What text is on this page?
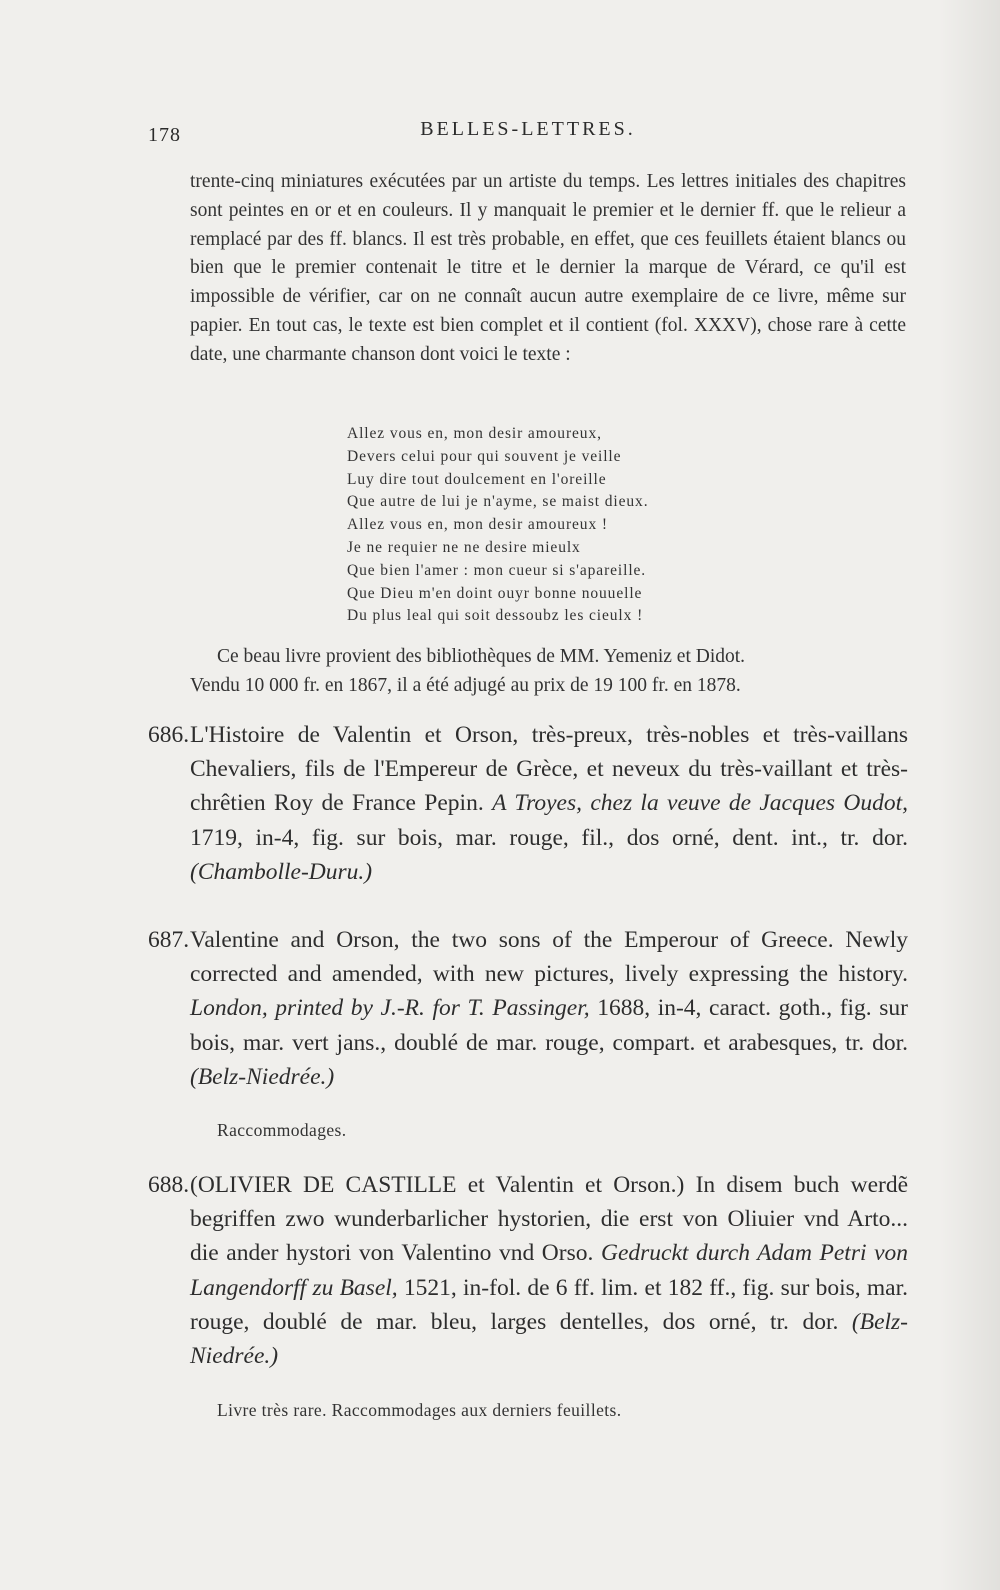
178	BELLES-LETTRES.

trente-cinq miniatures exécutées par un artiste du temps. Les lettres initiales des chapitres sont peintes en or et en couleurs. Il y manquait le premier et le dernier ff. que le relieur a remplacé par des ff. blancs. Il est très probable, en effet, que ces feuillets étaient blancs ou bien que le premier contenait le titre et le dernier la marque de Vérard, ce qu'il est impossible de vérifier, car on ne connaît aucun autre exemplaire de ce livre, même sur papier. En tout cas, le texte est bien complet et il contient (fol. XXXV), chose rare à cette date, une charmante chanson dont voici le texte :

Allez vous en, mon desir amoureux,
Devers celui pour qui souvent je veille
Luy dire tout doulcement en l'oreille
Que autre de lui je n'ayme, se maist dieux.
Allez vous en, mon desir amoureux !
Je ne requier ne ne desire mieulx
Que bien l'amer : mon cueur si s'apareille.
Que Dieu m'en doint ouyr bonne nouuelle
Du plus leal qui soit dessoubz les cieulx !
Ce beau livre provient des bibliothèques de MM. Yemeniz et Didot.
Vendu 10 000 fr. en 1867, il a été adjugé au prix de 19 100 fr. en 1878.
686.L'Histoire de Valentin et Orson, très-preux, très-nobles et très-vaillans Chevaliers, fils de l'Empereur de Grèce, et neveux du très-vaillant et très-chrêtien Roy de France Pepin. A Troyes, chez la veuve de Jacques Oudot, 1719, in-4, fig. sur bois, mar. rouge, fil., dos orné, dent. int., tr. dor. (Chambolle-Duru.)
687.Valentine and Orson, the two sons of the Emperour of Greece. Newly corrected and amended, with new pictures, lively expressing the history. London, printed by J.-R. for T. Passinger, 1688, in-4, caract. goth., fig. sur bois, mar. vert jans., doublé de mar. rouge, compart. et arabesques, tr. dor. (Belz-Niedrée.)
Raccommodages.
688.(OLIVIER DE CASTILLE et Valentin et Orson.) In disem buch werdẽ begriffen zwo wunderbarlicher hystorien, die erst von Oliuier vnd Arto... die ander hystori von Valentino vnd Orso. Gedruckt durch Adam Petri von Langendorff zu Basel, 1521, in-fol. de 6 ff. lim. et 182 ff., fig. sur bois, mar. rouge, doublé de mar. bleu, larges dentelles, dos orné, tr. dor. (Belz-Niedrée.)
Livre très rare. Raccommodages aux derniers feuillets.
